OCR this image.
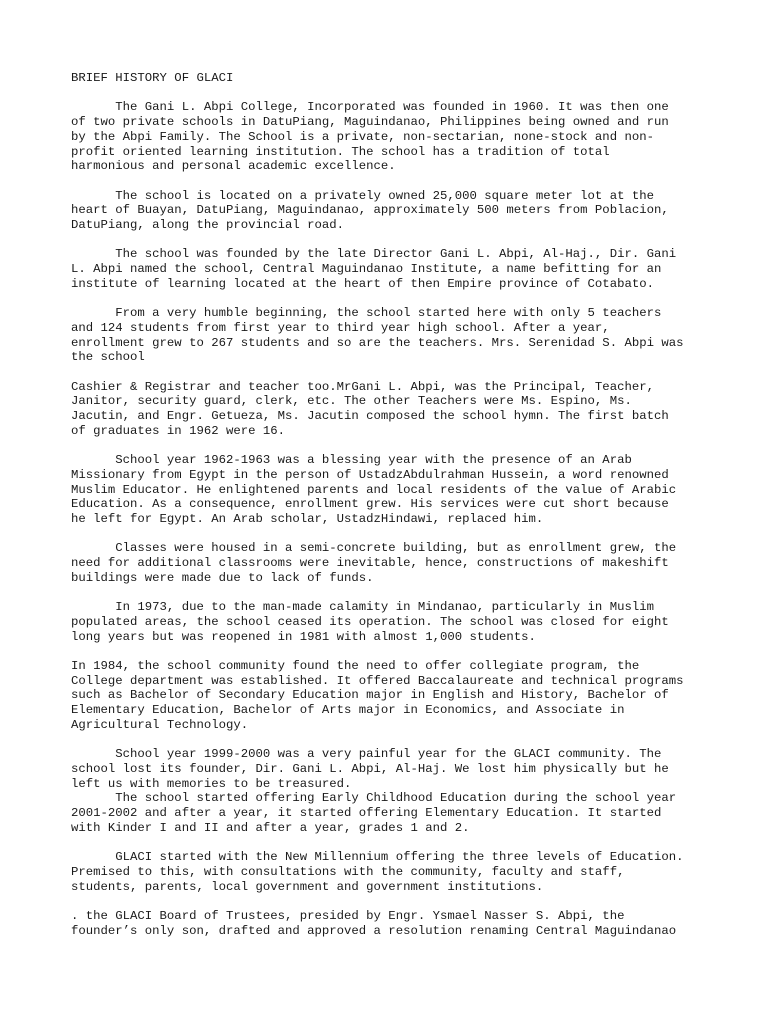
BRIEF HISTORY OF GLACI
The Gani L. Abpi College, Incorporated was founded in 1960. It was then one
of two private schools in DatuPiang, Maguindanao, Philippines being owned and run
by the Abpi Family. The School is a private, non-sectarian, none-stock and non-
profit oriented learning institution. The school has a tradition of total
harmonious and personal academic excellence.
The school is located on a privately owned 25,000 square meter lot at the
heart of Buayan, DatuPiang, Maguindanao, approximately 500 meters from Poblacion,
DatuPiang, along the provincial road.
The school was founded by the late Director Gani L. Abpi, Al-Haj., Dir. Gani
L. Abpi named the school, Central Maguindanao Institute, a name befitting for an
institute of learning located at the heart of then Empire province of Cotabato.
From a very humble beginning, the school started here with only 5 teachers
and 124 students from first year to third year high school. After a year,
enrollment grew to 267 students and so are the teachers. Mrs. Serenidad S. Abpi was
the school
Cashier & Registrar and teacher too.MrGani L. Abpi, was the Principal, Teacher,
Janitor, security guard, clerk, etc. The other Teachers were Ms. Espino, Ms.
Jacutin, and Engr. Getueza, Ms. Jacutin composed the school hymn. The first batch
of graduates in 1962 were 16.
School year 1962-1963 was a blessing year with the presence of an Arab
Missionary from Egypt in the person of UstadzAbdulrahman Hussein, a word renowned
Muslim Educator. He enlightened parents and local residents of the value of Arabic
Education. As a consequence, enrollment grew. His services were cut short because
he left for Egypt. An Arab scholar, UstadzHindawi, replaced him.
Classes were housed in a semi-concrete building, but as enrollment grew, the
need for additional classrooms were inevitable, hence, constructions of makeshift
buildings were made due to lack of funds.
In 1973, due to the man-made calamity in Mindanao, particularly in Muslim
populated areas, the school ceased its operation. The school was closed for eight
long years but was reopened in 1981 with almost 1,000 students.
In 1984, the school community found the need to offer collegiate program, the
College department was established. It offered Baccalaureate and technical programs
such as Bachelor of Secondary Education major in English and History, Bachelor of
Elementary Education, Bachelor of Arts major in Economics, and Associate in
Agricultural Technology.
School year 1999-2000 was a very painful year for the GLACI community. The
school lost its founder, Dir. Gani L. Abpi, Al-Haj. We lost him physically but he
left us with memories to be treasured.
The school started offering Early Childhood Education during the school year
2001-2002 and after a year, it started offering Elementary Education. It started
with Kinder I and II and after a year, grades 1 and 2.
GLACI started with the New Millennium offering the three levels of Education.
Premised to this, with consultations with the community, faculty and staff,
students, parents, local government and government institutions.
. the GLACI Board of Trustees, presided by Engr. Ysmael Nasser S. Abpi, the
founder’s only son, drafted and approved a resolution renaming Central Maguindanao
